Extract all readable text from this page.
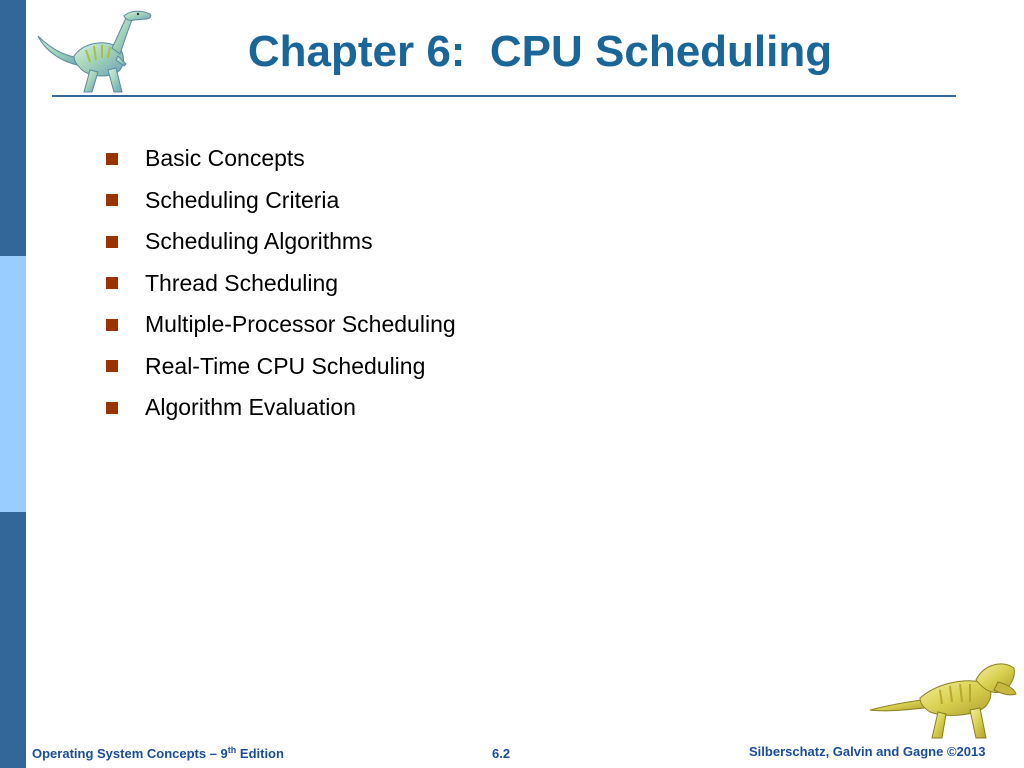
Chapter 6:  CPU Scheduling
Basic Concepts
Scheduling Criteria
Scheduling Algorithms
Thread Scheduling
Multiple-Processor Scheduling
Real-Time CPU Scheduling
Algorithm Evaluation
Operating System Concepts – 9th Edition	6.2	Silberschatz, Galvin and Gagne ©2013
